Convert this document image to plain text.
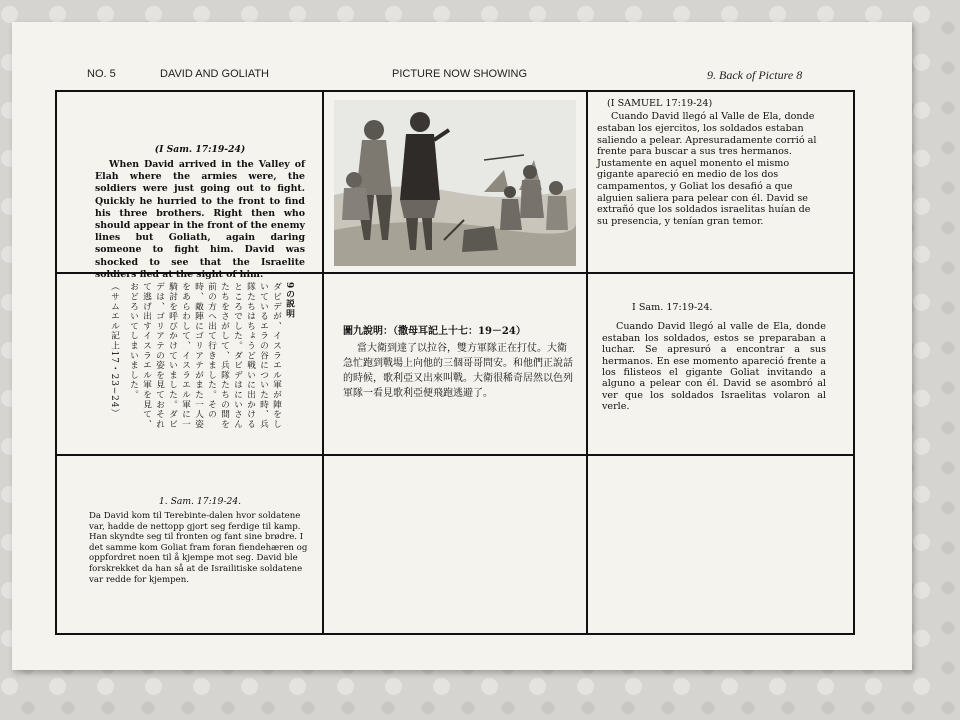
NO. 5	DAVID AND GOLIATH	PICTURE NOW SHOWING	9. Back of Picture 8
(I Sam. 17:19-24)
When David arrived in the Valley of Elah where the armies were, the soldiers were just going out to fight. Quickly he hurried to the front to find his three brothers. Right then who should appear in the front of the enemy lines but Goliath, again daring someone to fight him. David was shocked to see that the Israelite soldiers fled at the sight of him.
(I SAMUEL 17:19-24)
Cuando David llegó al Valle de Ela, donde estaban los ejercitos, los soldados estaban saliendo a pelear. Apresuradamente corrió al frente para buscar a sus tres hermanos. Justamente en aquel monento el mismo gigante apareció en medio de los dos campamentos, y Goliat los desafió a que alguien saliera para pelear con él. David se extrañó que los soldados israelitas huían de su presencia, y tenían gran temor.
9の説明 ダビデが、イスラエル軍が陣をしいているエラの谷についた時、兵隊たちはちょうど戦いに出かけるところでした。ダビデはにいさんたちをさがして、兵隊たちの間を前の方へ出て行きました。その時、敵陣にゴリアテがまた一人姿をあらわして、イスラエル軍に一騎討を呼びかけていました。ダビデは、ゴリアテの姿を見ておそれて逃げ出すイスラエル軍を見て、おどろいてしまいました。 （サムエル記上17・23−24）	圖九說明：（撒母耳記上十七：19－24）
當大衛到達了以拉谷，雙方軍隊正在打仗。大衛急忙跑到戰場上向他的三個哥哥問安。和他們正說話的時候，歌利亞又出來叫戰。大衛很稀奇居然以色列軍隊一看見歌利亞便飛跑逃避了。
I Sam. 17:19-24.
Cuando David llegó al valle de Ela, donde estaban los soldados, estos se preparaban a luchar. Se apresuró a encontrar a sus hermanos. En ese momento apareció frente a los filisteos el gigante Goliat invitando a alguno a pelear con él. David se asombró al ver que los soldados Israelitas volaron al verle.
1. Sam. 17:19-24.
Da David kom til Terebinte-dalen hvor soldatene var, hadde de nettopp gjort seg ferdige til kamp. Han skyndte seg til fronten og fant sine brødre. I det samme kom Goliat fram foran fiendehæren og oppfordret noen til å kjempe mot seg. David ble forskrekket da han så at de Israilitiske soldatene var redde for kjempen.
